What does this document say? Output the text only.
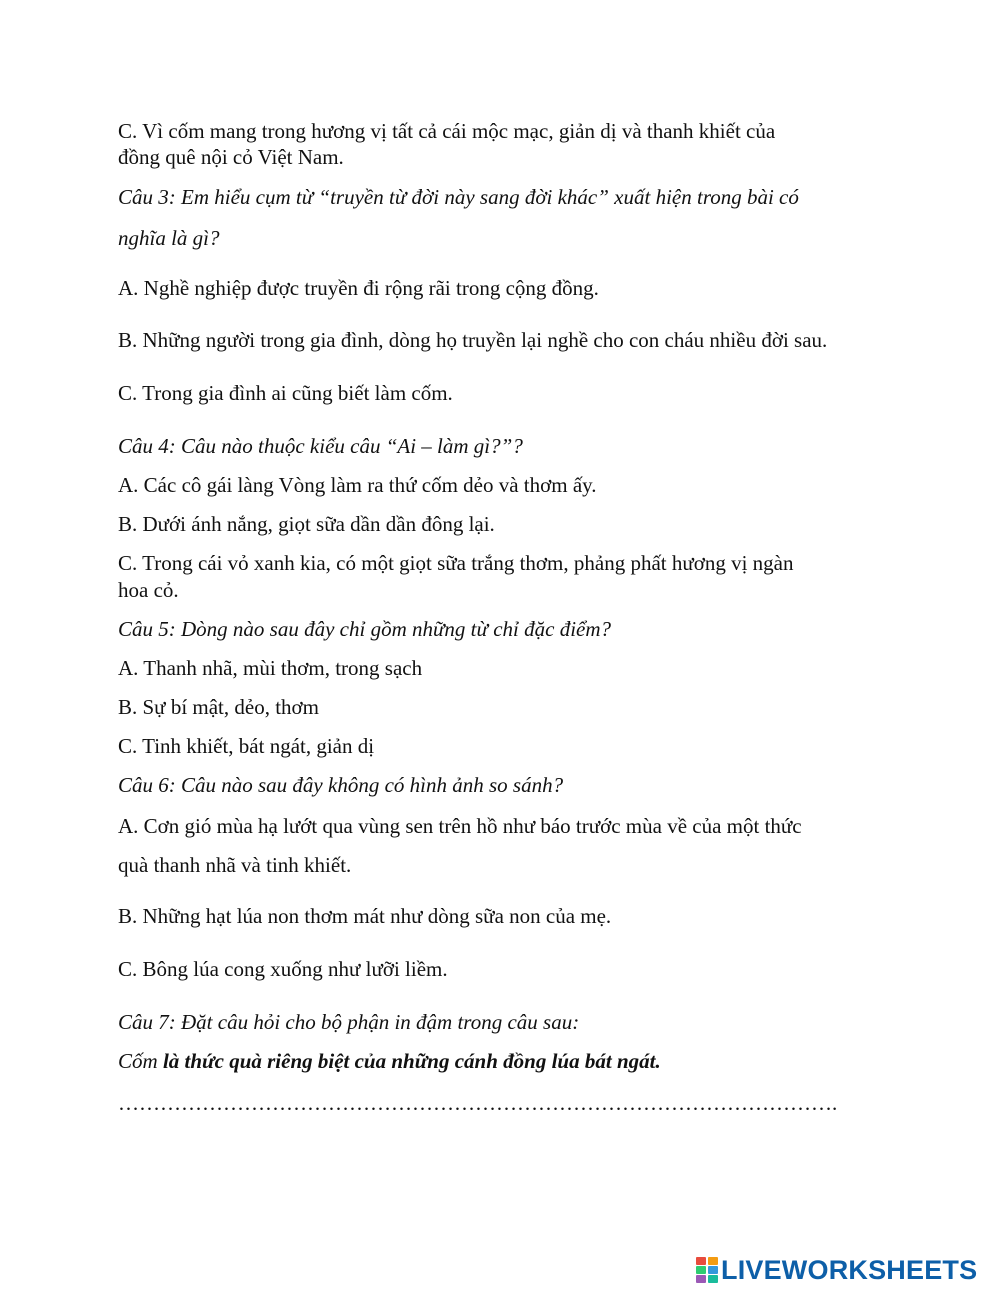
C. Vì cốm mang trong hương vị tất cả cái mộc mạc, giản dị và thanh khiết của
đồng quê nội cỏ Việt Nam.
Câu 3: Em hiểu cụm từ “truyền từ đời này sang đời khác” xuất hiện trong bài có
nghĩa là gì?
A. Nghề nghiệp được truyền đi rộng rãi trong cộng đồng.
B. Những người trong gia đình, dòng họ truyền lại nghề cho con cháu nhiều đời sau.
C. Trong gia đình ai cũng biết làm cốm.
Câu 4: Câu nào thuộc kiểu câu “Ai – làm gì?”?
A. Các cô gái làng Vòng làm ra thứ cốm dẻo và thơm ấy.
B. Dưới ánh nắng, giọt sữa dần dần đông lại.
C. Trong cái vỏ xanh kia, có một giọt sữa trắng thơm, phảng phất hương vị ngàn
hoa cỏ.
Câu 5: Dòng nào sau đây chỉ gồm những từ chỉ đặc điểm?
A. Thanh nhã, mùi thơm, trong sạch
B. Sự bí mật, dẻo, thơm
C. Tinh khiết, bát ngát, giản dị
Câu 6: Câu nào sau đây không có hình ảnh so sánh?
A. Cơn gió mùa hạ lướt qua vùng sen trên hồ như báo trước mùa về của một thức
quà thanh nhã và tinh khiết.
B. Những hạt lúa non thơm mát như dòng sữa non của mẹ.
C. Bông lúa cong xuống như lưỡi liềm.
Câu 7: Đặt câu hỏi cho bộ phận in đậm trong câu sau:
Cốm là thức quà riêng biệt của những cánh đồng lúa bát ngát.
………………………………………………………………………………………….
LIVEWORKSHEETS
